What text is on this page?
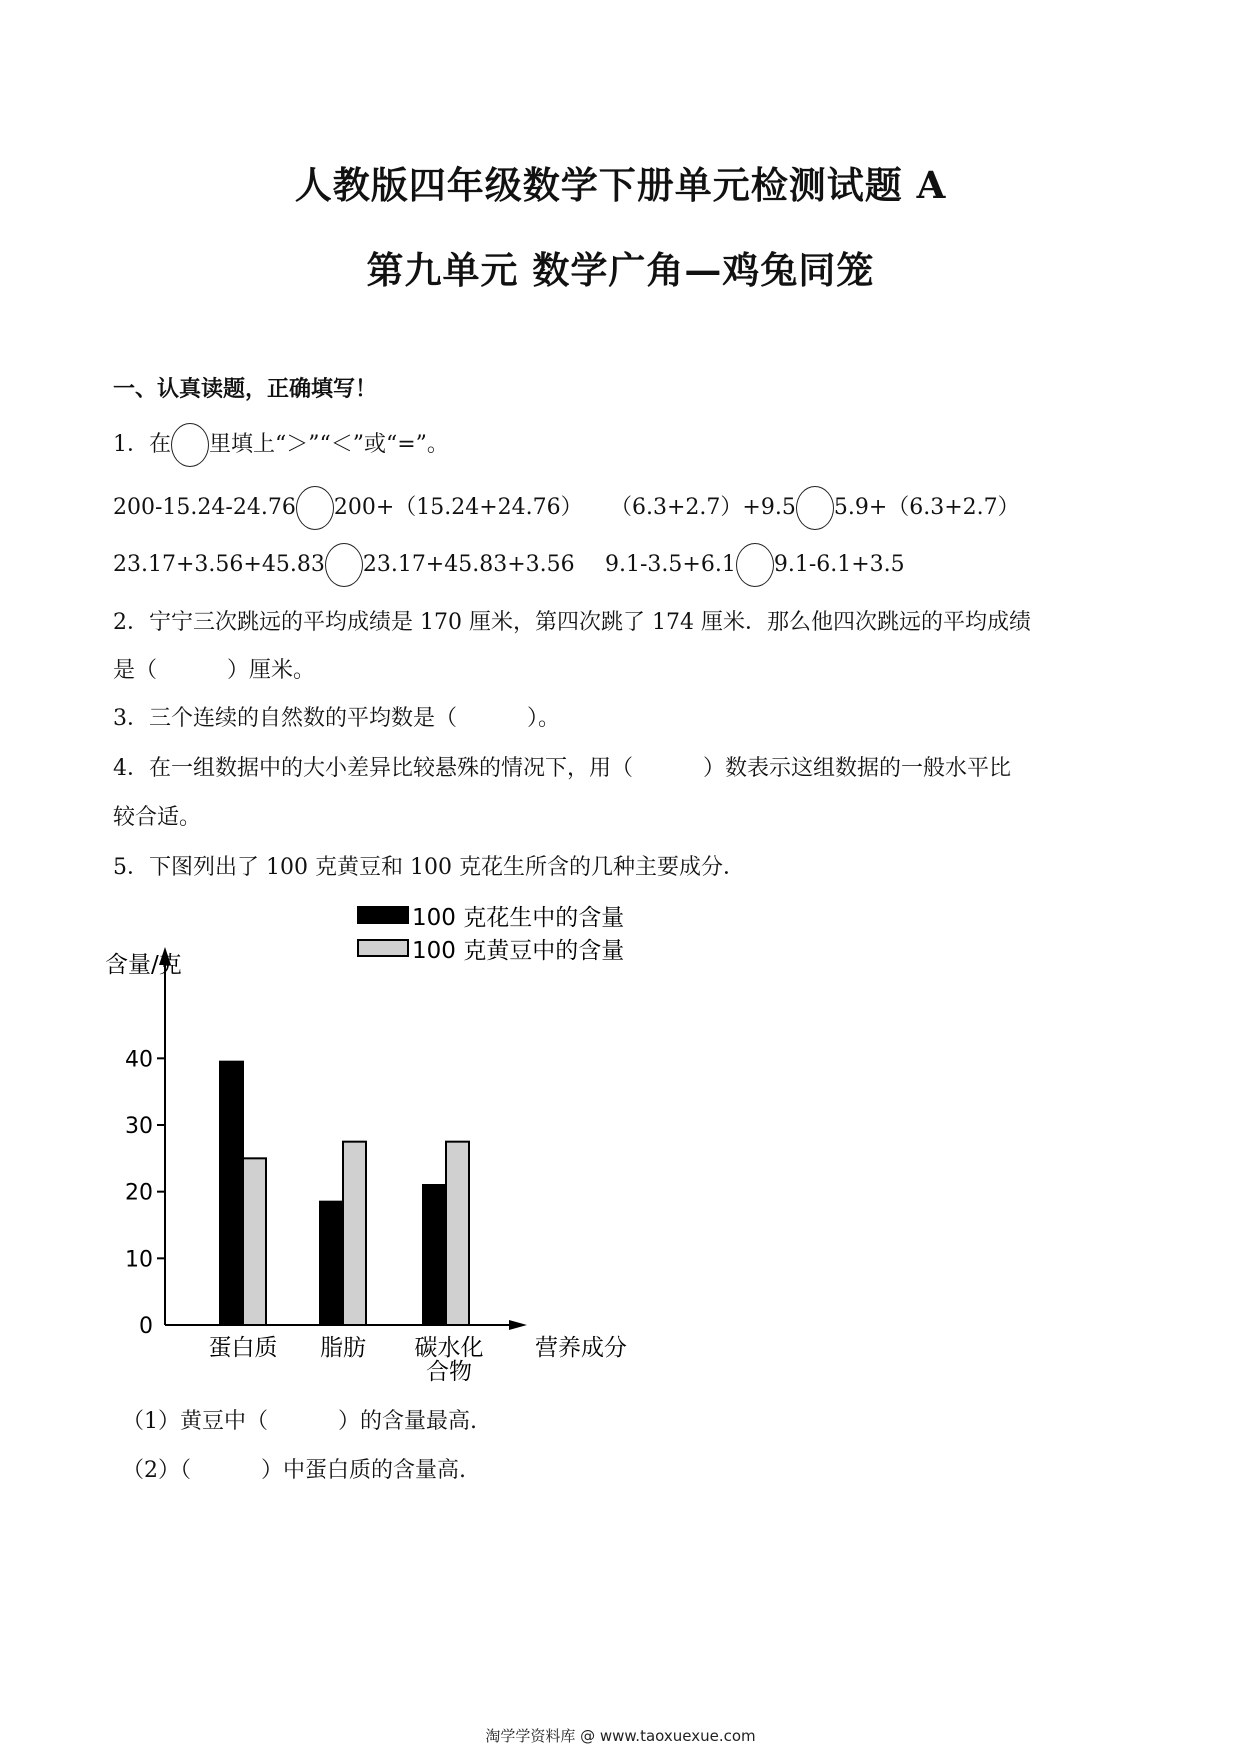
人教版四年级数学下册单元检测试题 A
第九单元 数学广角—鸡兔同笼
一、认真读题，正确填写！
1．在 里填上“＞”“＜”或“=”。
200-15.24-24.76 200+（15.24+24.76） （6.3+2.7）+9.5 5.9+（6.3+2.7）
23.17+3.56+45.83 23.17+45.83+3.56 9.1-3.5+6.1 9.1-6.1+3.5
2．宁宁三次跳远的平均成绩是 170 厘米，第四次跳了 174 厘米．那么他四次跳远的平均成绩
是（	）厘米。
3．三个连续的自然数的平均数是（	）。
4．在一组数据中的大小差异比较悬殊的情况下，用（	）数表示这组数据的一般水平比
较合适。
5．下图列出了 100 克黄豆和 100 克花生所含的几种主要成分．
100 克花生中的含量
100 克黄豆中的含量
含量/克
营养成分
0
10
20
30
40
蛋白质 脂肪 碳水化
合物
（1）黄豆中（	）的含量最高.
（2）（	）中蛋白质的含量高.
淘学学资料库 @ www.taoxuexue.com
